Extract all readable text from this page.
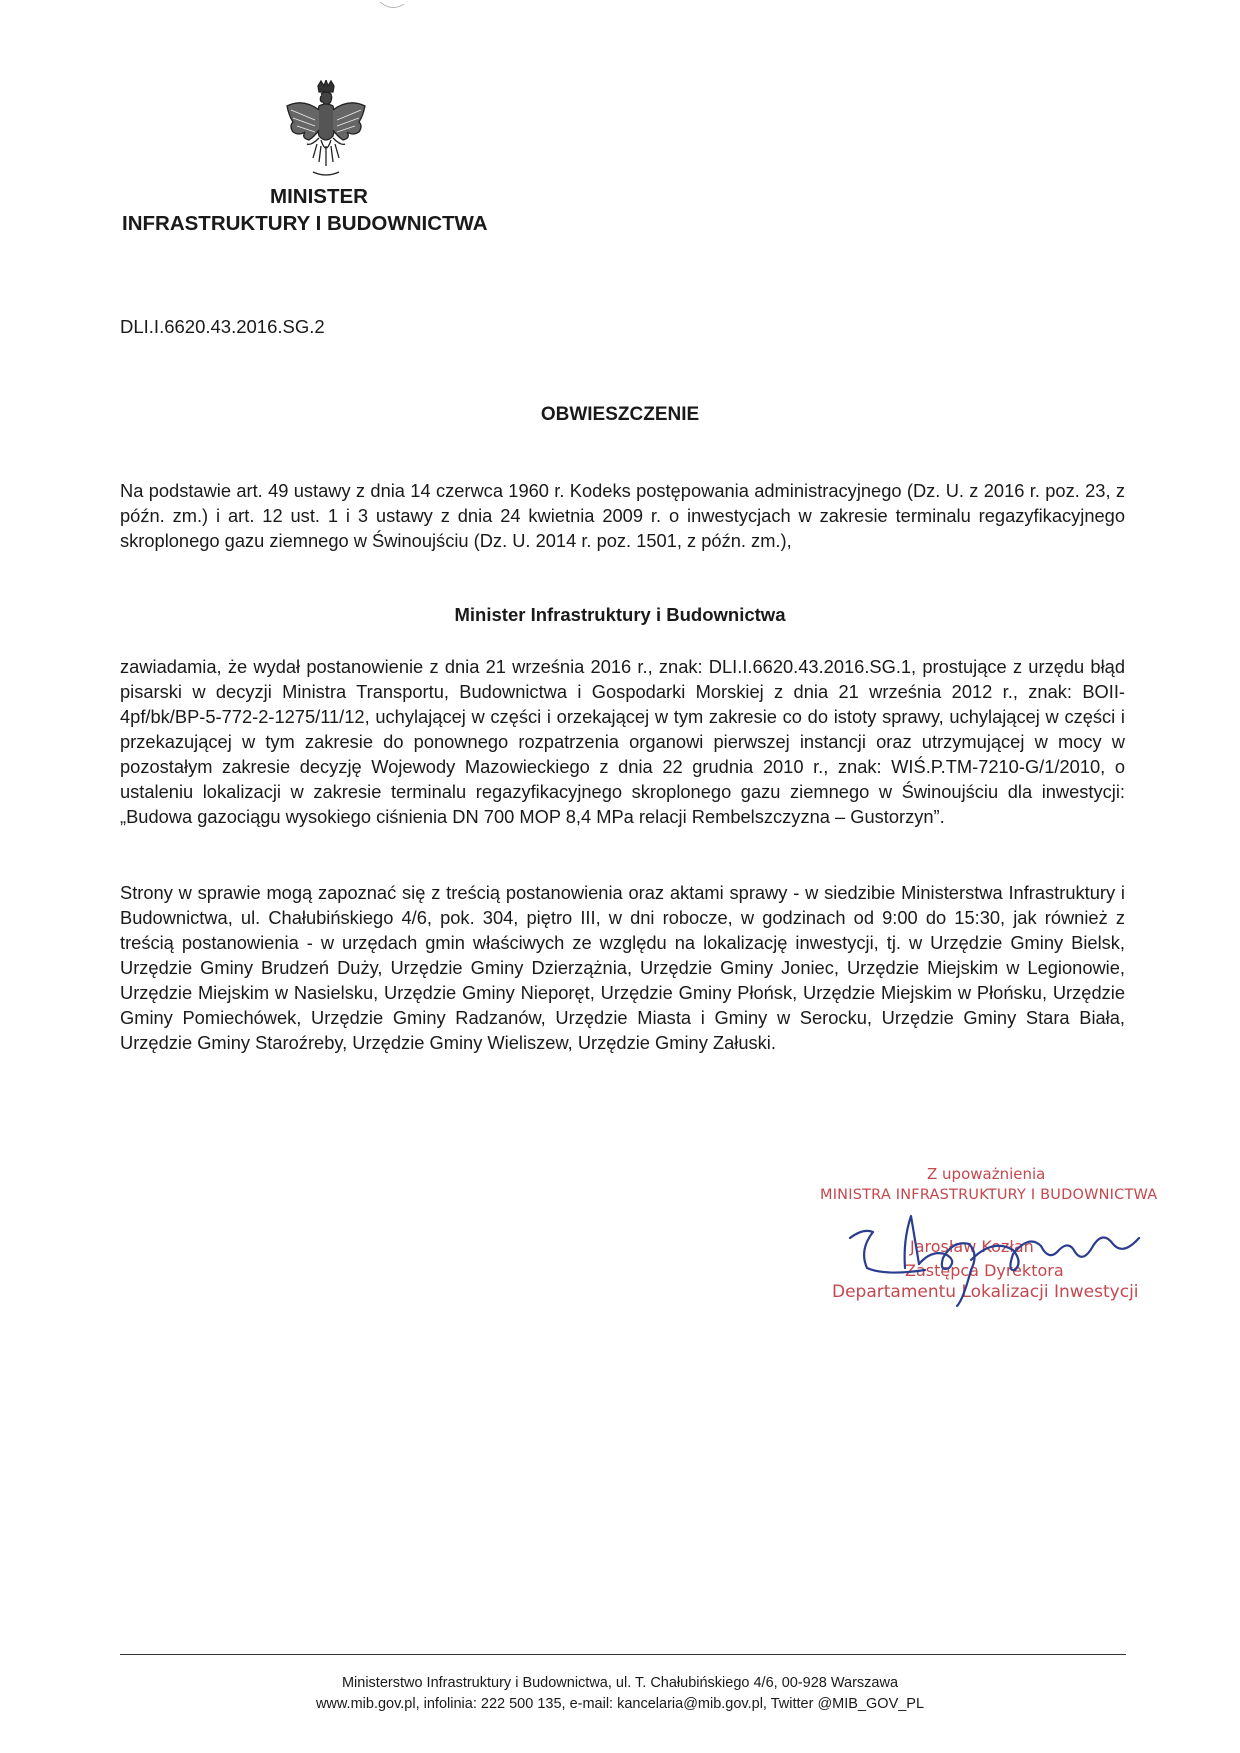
MINISTER
INFRASTRUKTURY I BUDOWNICTWA
DLI.I.6620.43.2016.SG.2
OBWIESZCZENIE
Na podstawie art. 49 ustawy z dnia 14 czerwca 1960 r. Kodeks postępowania administracyjnego (Dz. U. z 2016 r. poz. 23, z późn. zm.) i art. 12 ust. 1 i 3 ustawy z dnia 24 kwietnia 2009 r. o inwestycjach w zakresie terminalu regazyfikacyjnego skroplonego gazu ziemnego w Świnoujściu (Dz. U. 2014 r. poz. 1501, z późn. zm.),
Minister Infrastruktury i Budownictwa
zawiadamia, że wydał postanowienie z dnia 21 września 2016 r., znak: DLI.I.6620.43.2016.SG.1, prostujące z urzędu błąd pisarski w decyzji Ministra Transportu, Budownictwa i Gospodarki Morskiej z dnia 21 września 2012 r., znak: BOII-4pf/bk/BP-5-772-2-1275/11/12, uchylającej w części i orzekającej w tym zakresie co do istoty sprawy, uchylającej w części i przekazującej w tym zakresie do ponownego rozpatrzenia organowi pierwszej instancji oraz utrzymującej w mocy w pozostałym zakresie decyzję Wojewody Mazowieckiego z dnia 22 grudnia 2010 r., znak: WIŚ.P.TM-7210-G/1/2010, o ustaleniu lokalizacji w zakresie terminalu regazyfikacyjnego skroplonego gazu ziemnego w Świnoujściu dla inwestycji: „Budowa gazociągu wysokiego ciśnienia DN 700 MOP 8,4 MPa relacji Rembelszczyzna – Gustorzyn”.
Strony w sprawie mogą zapoznać się z treścią postanowienia oraz aktami sprawy - w siedzibie Ministerstwa Infrastruktury i Budownictwa, ul. Chałubińskiego 4/6, pok. 304, piętro III, w dni robocze, w godzinach od 9:00 do 15:30, jak również z treścią postanowienia - w urzędach gmin właściwych ze względu na lokalizację inwestycji, tj. w Urzędzie Gminy Bielsk, Urzędzie Gminy Brudzeń Duży, Urzędzie Gminy Dzierzążnia, Urzędzie Gminy Joniec, Urzędzie Miejskim w Legionowie, Urzędzie Miejskim w Nasielsku, Urzędzie Gminy Nieporęt, Urzędzie Gminy Płońsk, Urzędzie Miejskim w Płońsku, Urzędzie Gminy Pomiechówek, Urzędzie Gminy Radzanów, Urzędzie Miasta i Gminy w Serocku, Urzędzie Gminy Stara Biała, Urzędzie Gminy Staroźreby, Urzędzie Gminy Wieliszew, Urzędzie Gminy Załuski.
Z upoważnienia
MINISTRA INFRASTRUKTURY I BUDOWNICTWA
Jarosław Kozłan
Zastępca Dyrektora
Departamentu Lokalizacji Inwestycji
Ministerstwo Infrastruktury i Budownictwa, ul. T. Chałubińskiego 4/6, 00-928 Warszawa
www.mib.gov.pl, infolinia: 222 500 135, e-mail: kancelaria@mib.gov.pl, Twitter @MIB_GOV_PL
